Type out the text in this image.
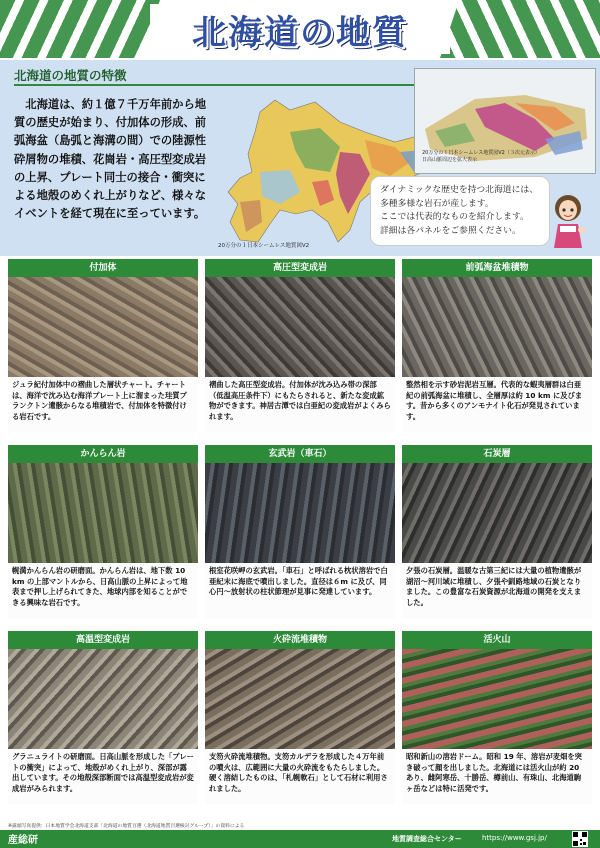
北海道の地質
北海道の地質の特徴
北海道は、約１億７千万年前から地質の歴史が始まり、付加体の形成、前弧海盆（島弧と海溝の間）での陸源性砕屑物の堆積、花崗岩・高圧型変成岩の上昇、プレート同士の接合・衝突による地殻のめくれ上がりなど、様々なイベントを経て現在に至っています。
20万分の１日本シームレス地質図V2
20万分の１日本シームレス地質図V2（３次元表示）
日高山脈周辺を拡大表示
ダイナミックな歴史を持つ北海道には、
多種多様な岩石が産します。
ここでは代表的なものを紹介します。
詳細は各パネルをご参照ください。
付加体
ジュラ紀付加体中の褶曲した層状チャート。チャートは、海洋で沈み込む海洋プレート上に溜まった珪質プランクトン遺骸からなる堆積岩で、付加体を特徴付ける岩石です。
高圧型変成岩
褶曲した高圧型変成岩。付加体が沈み込み帯の深部（低温高圧条件下）にもたらされると、新たな変成鉱物ができます。神居古潭では白亜紀の変成岩がよくみられます。
前弧海盆堆積物
整然相を示す砂岩泥岩互層。代表的な蝦夷層群は白亜紀の前弧海盆に堆積し、全層厚は約 10 km に及びます。昔から多くのアンモナイト化石が発見されています。
かんらん岩
幌満かんらん岩の研磨面。かんらん岩は、地下数 10 km の上部マントルから、日高山脈の上昇によって地表まで押し上げられてきた、地球内部を知ることができる興味な岩石です。
玄武岩（車石）
根室花咲岬の玄武岩。「車石」と呼ばれる枕状溶岩で白亜紀末に海底で噴出しました。直径は６m に及び、同心円～放射状の柱状節理が見事に発達しています。
石炭層
夕張の石炭層。温暖な古第三紀には大量の植物遺骸が湖沼～河川域に堆積し、夕張や釧路地域の石炭となりました。この豊富な石炭資源が北海道の開発を支えました。
高温型変成岩
グラニュライトの研磨面。日高山脈を形成した「プレートの衝突」によって、地殻がめくれ上がり、深部が露出しています。その地殻深部断面では高温型変成岩が変成岩がみられます。
火砕流堆積物
支笏火砕流堆積物。支笏カルデラを形成した４万年前の噴火は、広範囲に大量の火砕流をもたらしました。硬く溶結したものは、「札幌軟石」として石材に利用されました。
活火山
昭和新山の溶岩ドーム。昭和 19 年、溶岩が麦畑を突き破って顔を出しました。北海道には活火山が約 20 あり、雌阿寒岳、十勝岳、樽前山、有珠山、北海道駒ヶ岳などは特に活発です。
※露頭写真提供：日本地質学会北海道支部「北海道の地質百選（北海道地質百選検討グループ）」の資料による
産総研	地質調査総合センター	https://www.gsj.jp/
